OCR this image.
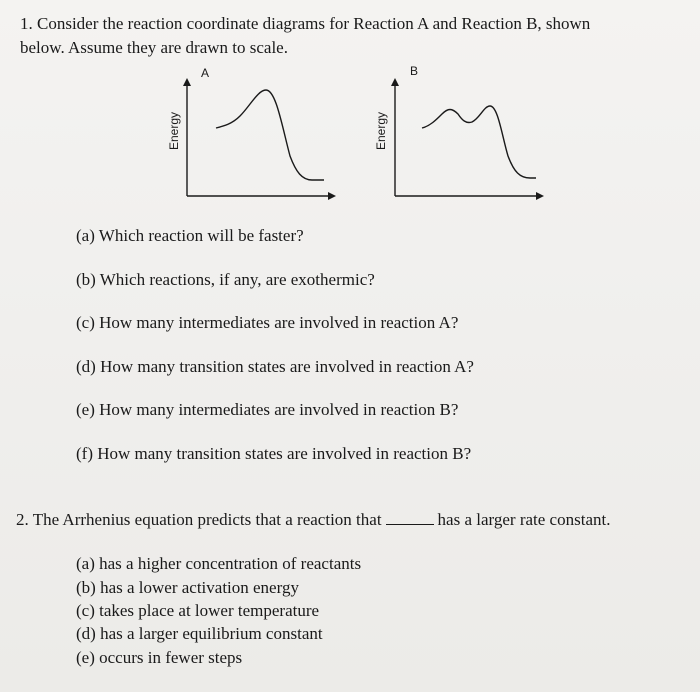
1. Consider the reaction coordinate diagrams for Reaction A and Reaction B, shown
below. Assume they are drawn to scale.
A
Energy
B
Energy
(a) Which reaction will be faster?
(b) Which reactions, if any, are exothermic?
(c) How many intermediates are involved in reaction A?
(d) How many transition states are involved in reaction A?
(e) How many intermediates are involved in reaction B?
(f) How many transition states are involved in reaction B?
2. The Arrhenius equation predicts that a reaction that	has a larger rate constant.
(a) has a higher concentration of reactants
(b) has a lower activation energy
(c) takes place at lower temperature
(d) has a larger equilibrium constant
(e) occurs in fewer steps
